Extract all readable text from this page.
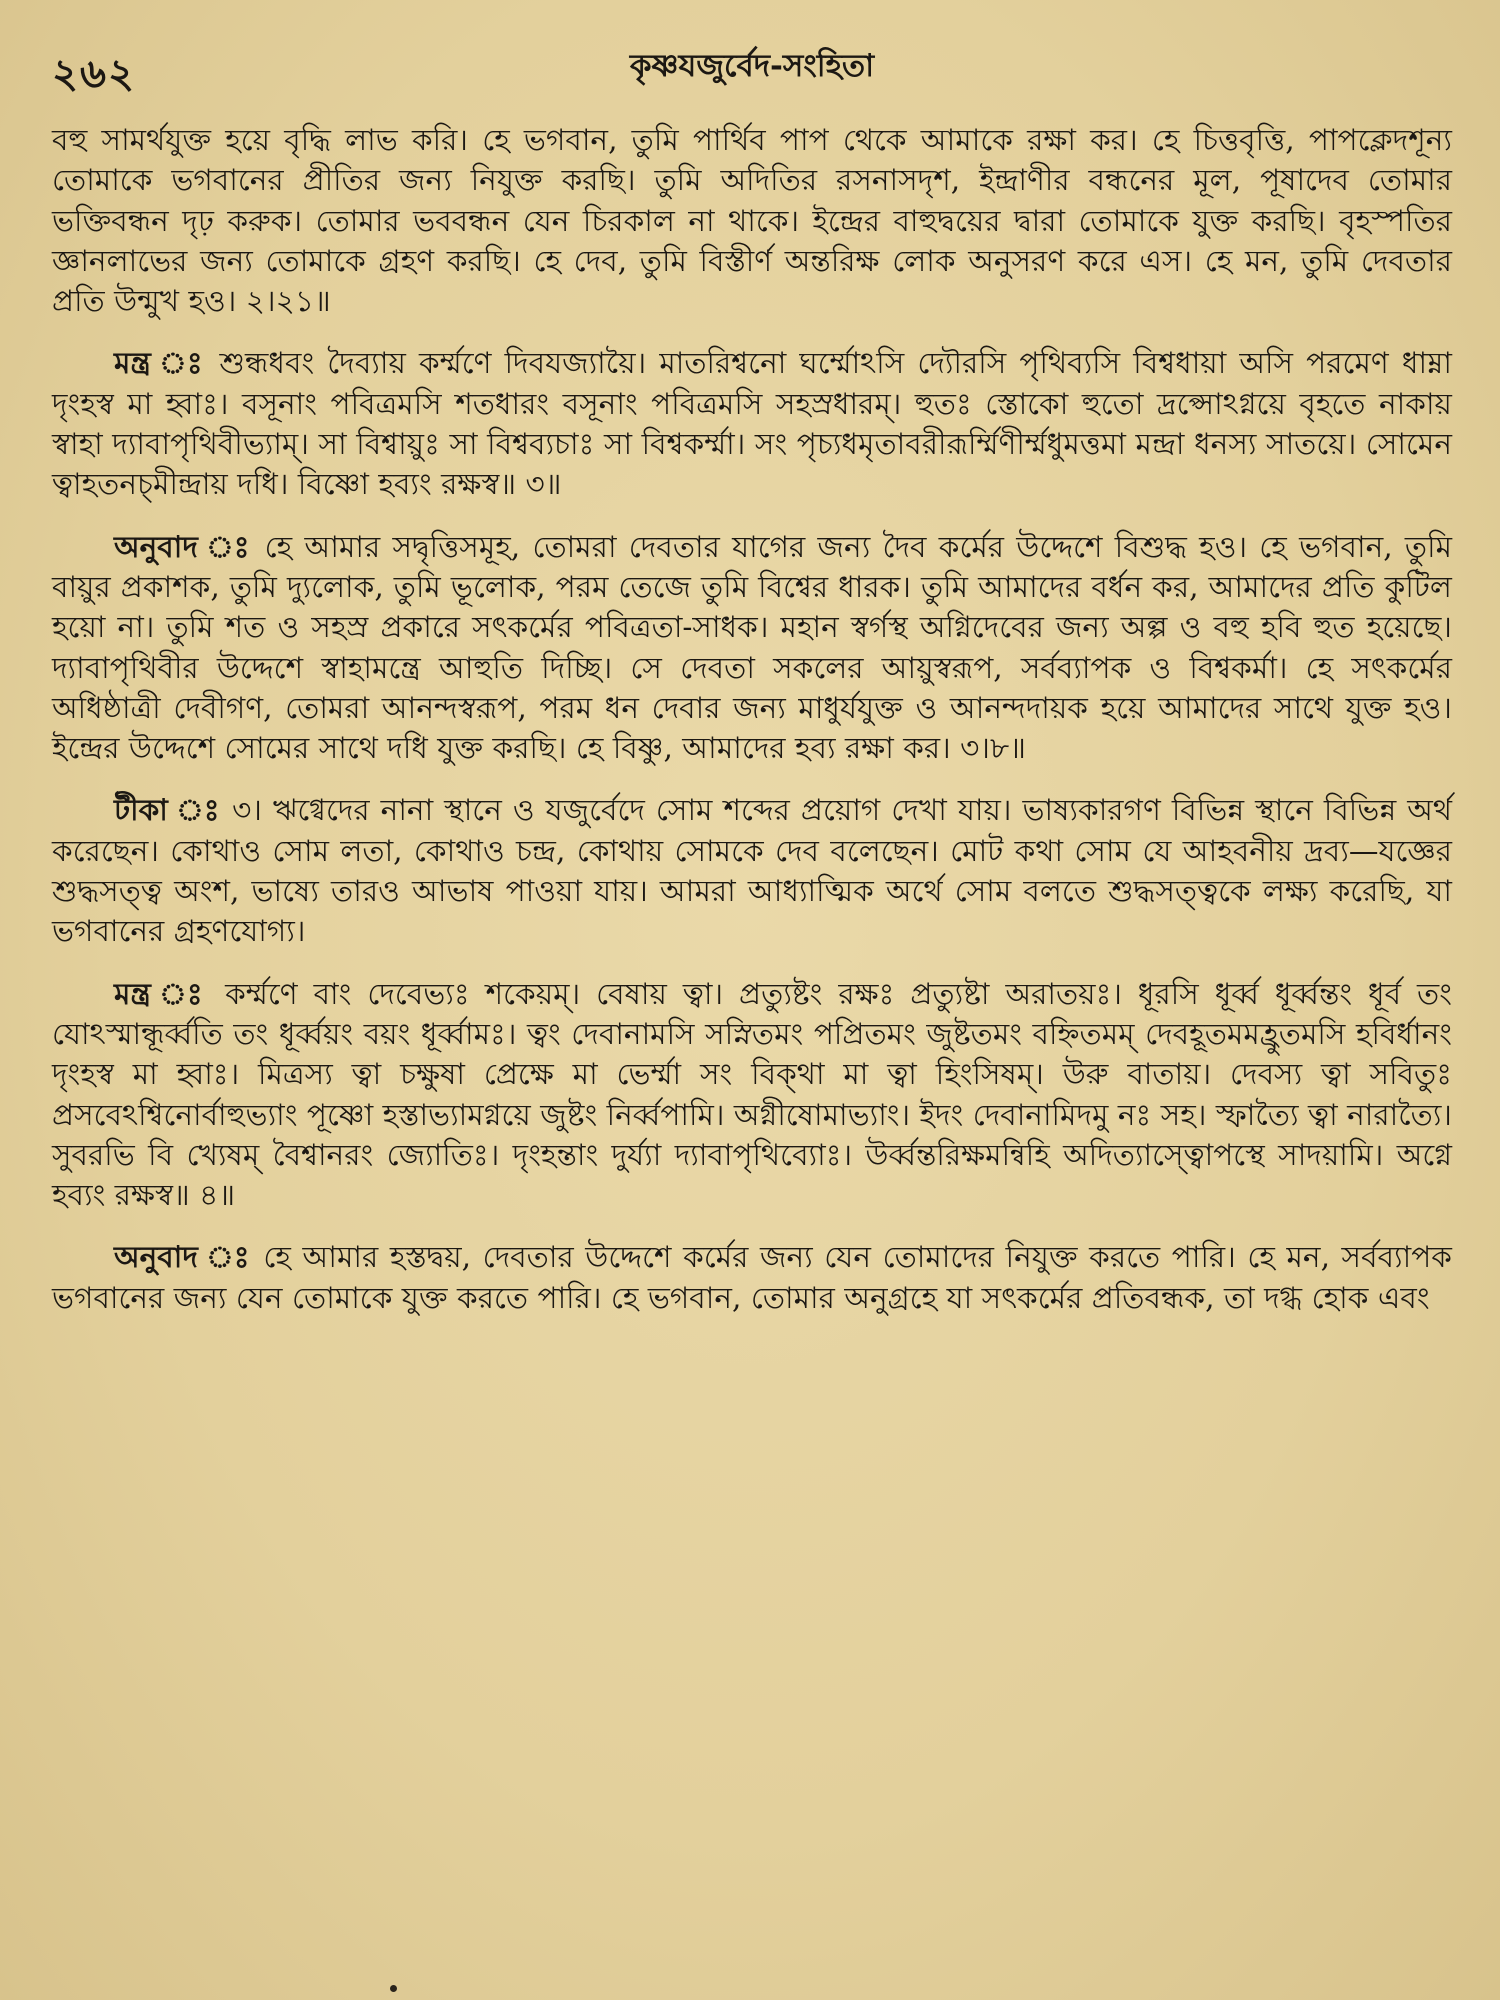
২৬২	কৃষ্ণযজুর্বেদ-সংহিতা

বহু সামর্থযুক্ত হয়ে বৃদ্ধি লাভ করি। হে ভগবান, তুমি পার্থিব পাপ থেকে আমাকে রক্ষা কর। হে চিত্তবৃত্তি, পাপক্লেদশূন্য তোমাকে ভগবানের প্রীতির জন্য নিযুক্ত করছি। তুমি অদিতির রসনাসদৃশ, ইন্দ্রাণীর বন্ধনের মূল, পূষাদেব তোমার ভক্তিবন্ধন দৃঢ় করুক। তোমার ভববন্ধন যেন চিরকাল না থাকে। ইন্দ্রের বাহুদ্বয়ের দ্বারা তোমাকে যুক্ত করছি। বৃহস্পতির জ্ঞানলাভের জন্য তোমাকে গ্রহণ করছি। হে দেব, তুমি বিস্তীর্ণ অন্তরিক্ষ লোক অনুসরণ করে এস। হে মন, তুমি দেবতার প্রতি উন্মুখ হও। ২।২১॥

মন্ত্র ঃ শুন্ধধবং দৈব্যায় কর্ম্মণে দিবযজ্যায়ৈ। মাতরিশ্বনো ঘর্ম্মোঽসি দ্যৌরসি পৃথিব্যসি বিশ্বধায়া অসি পরমেণ ধাম্না দৃংহস্ব মা হ্বাঃ। বসূনাং পবিত্রমসি শতধারং বসূনাং পবিত্রমসি সহস্রধারম্। হুতঃ স্তোকো হুতো দ্রপ্সোঽগ্নয়ে বৃহতে নাকায় স্বাহা দ্যাবাপৃথিবীভ্যাম্। সা বিশ্বায়ুঃ সা বিশ্বব্যচাঃ সা বিশ্বকর্ম্মা। সং পৃচ্যধমৃতাবরীরূর্ম্মিণীর্ম্মধুমত্তমা মন্দ্রা ধনস্য সাতয়ে। সোমেন ত্বাহতনচ্মীন্দ্রায় দধি। বিষ্ণো হব্যং রক্ষস্ব॥ ৩॥

অনুবাদ ঃ হে আমার সদ্বৃত্তিসমূহ, তোমরা দেবতার যাগের জন্য দৈব কর্মের উদ্দেশে বিশুদ্ধ হও। হে ভগবান, তুমি বায়ুর প্রকাশক, তুমি দ্যুলোক, তুমি ভূলোক, পরম তেজে তুমি বিশ্বের ধারক। তুমি আমাদের বর্ধন কর, আমাদের প্রতি কুটিল হয়ো না। তুমি শত ও সহস্র প্রকারে সৎকর্মের পবিত্রতা-সাধক। মহান স্বর্গস্থ অগ্নিদেবের জন্য অল্প ও বহু হবি হুত হয়েছে। দ্যাবাপৃথিবীর উদ্দেশে স্বাহামন্ত্রে আহুতি দিচ্ছি। সে দেবতা সকলের আয়ুস্বরূপ, সর্বব্যাপক ও বিশ্বকর্মা। হে সৎকর্মের অধিষ্ঠাত্রী দেবীগণ, তোমরা আনন্দস্বরূপ, পরম ধন দেবার জন্য মাধুর্যযুক্ত ও আনন্দদায়ক হয়ে আমাদের সাথে যুক্ত হও। ইন্দ্রের উদ্দেশে সোমের সাথে দধি যুক্ত করছি। হে বিষ্ণু, আমাদের হব্য রক্ষা কর। ৩।৮॥

টীকা ঃ ৩। ঋগ্বেদের নানা স্থানে ও যজুর্বেদে সোম শব্দের প্রয়োগ দেখা যায়। ভাষ্যকারগণ বিভিন্ন স্থানে বিভিন্ন অর্থ করেছেন। কোথাও সোম লতা, কোথাও চন্দ্র, কোথায় সোমকে দেব বলেছেন। মোট কথা সোম যে আহবনীয় দ্রব্য—যজ্ঞের শুদ্ধসত্ত্ব অংশ, ভাষ্যে তারও আভাষ পাওয়া যায়। আমরা আধ্যাত্মিক অর্থে সোম বলতে শুদ্ধসত্ত্বকে লক্ষ্য করেছি, যা ভগবানের গ্রহণযোগ্য।

মন্ত্র ঃ কর্ম্মণে বাং দেবেভ্যঃ শকেয়ম্। বেষায় ত্বা। প্রত্যুষ্টং রক্ষঃ প্রত্যুষ্টা অরাতয়ঃ। ধূরসি ধূর্ব্ব ধূর্ব্বন্তং ধূর্ব তং যোঽস্মান্ধূর্ব্বতি তং ধূর্ব্বয়ং বয়ং ধূর্ব্বামঃ। ত্বং দেবানামসি সস্নিতমং পপ্রিতমং জুষ্টতমং বহ্নিতমম্ দেবহূতমমহ্রুতমসি হবির্ধানং দৃংহস্ব মা হ্বাঃ। মিত্রস্য ত্বা চক্ষুষা প্রেক্ষে মা ভের্ম্মা সং বিক্থা মা ত্বা হিংসিষম্। উরু বাতায়। দেবস্য ত্বা সবিতুঃ প্রসবেঽশ্বিনোর্বাহুভ্যাং পূষ্ণো হস্তাভ্যামগ্নয়ে জুষ্টং নির্ব্বপামি। অগ্নীষোমাভ্যাং। ইদং দেবানামিদমু নঃ সহ। স্ফাত্যৈ ত্বা নারাত্যৈ। সুবরভি বি খ্যেষম্ বৈশ্বানরং জ্যোতিঃ। দৃংহন্তাং দুর্য্যা দ্যাবাপৃথিব্যোঃ। উর্ব্বন্তরিক্ষমন্বিহি অদিত্যাস্ত্বোপস্থে সাদয়ামি। অগ্নে হব্যং রক্ষস্ব॥ ৪॥

অনুবাদ ঃ হে আমার হস্তদ্বয়, দেবতার উদ্দেশে কর্মের জন্য যেন তোমাদের নিযুক্ত করতে পারি। হে মন, সর্বব্যাপক ভগবানের জন্য যেন তোমাকে যুক্ত করতে পারি। হে ভগবান, তোমার অনুগ্রহে যা সৎকর্মের প্রতিবন্ধক, তা দগ্ধ হোক এবং
